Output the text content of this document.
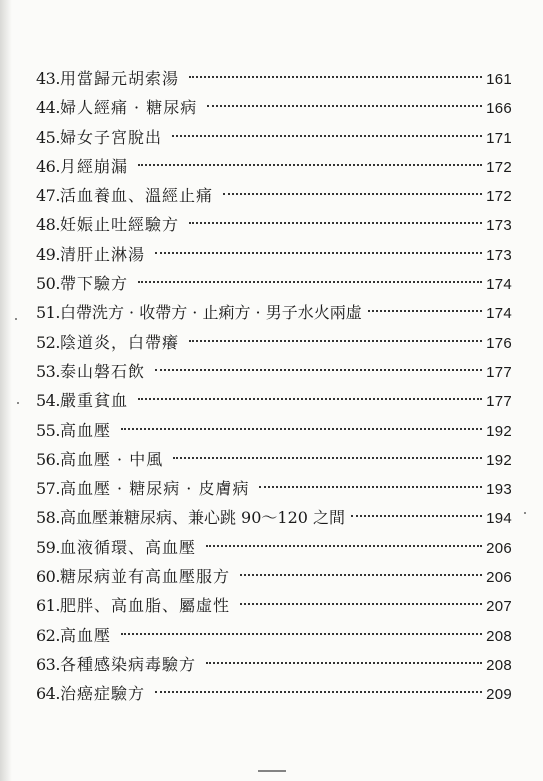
43. 用當歸元胡索湯	161
44. 婦人經痛 · 糖尿病	166
45. 婦女子宮脫出	171
46. 月經崩漏	172
47. 活血養血、溫經止痛	172
48. 妊娠止吐經驗方	173
49. 清肝止淋湯	173
50. 帶下驗方	174
51. 白帶洗方 · 收帶方 · 止痢方 · 男子水火兩虛	174
52. 陰道炎，白帶癢	176
53. 泰山磐石飲	177
54. 嚴重貧血	177
55. 高血壓	192
56. 高血壓 · 中風	192
57. 高血壓 · 糖尿病 · 皮膚病	193
58. 高血壓兼糖尿病、兼心跳 90～120 之間	194
59. 血液循環、高血壓	206
60. 糖尿病並有高血壓服方	206
61. 肥胖、高血脂、屬虛性	207
62. 高血壓	208
63. 各種感染病毒驗方	208
64. 治癌症驗方	209
